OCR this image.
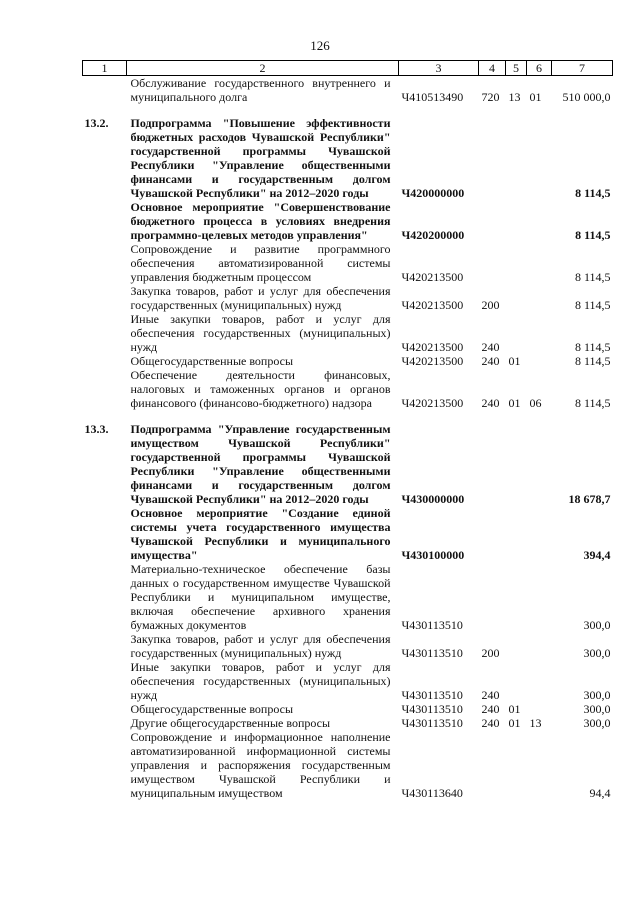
126
1	2	3	4	5	6	7
	Обслуживание государственного внутреннего и муниципального долга	Ч410513490	720	13	01	510 000,0

13.2.	Подпрограмма "Повышение эффективности бюджетных расходов Чувашской Республики" государственной программы Чувашской Республики "Управление общественными финансами и государственным долгом Чувашской Республики" на 2012–2020 годы	Ч420000000				8 114,5
	Основное мероприятие "Совершенствование бюджетного процесса в условиях внедрения программно-целевых методов управления"	Ч420200000				8 114,5
	Сопровождение и развитие программного обеспечения автоматизированной системы управления бюджетным процессом	Ч420213500				8 114,5
	Закупка товаров, работ и услуг для обеспечения государственных (муниципальных) нужд	Ч420213500	200			8 114,5
	Иные закупки товаров, работ и услуг для обеспечения государственных (муниципальных) нужд	Ч420213500	240			8 114,5
	Общегосударственные вопросы	Ч420213500	240	01		8 114,5
	Обеспечение деятельности финансовых, налоговых и таможенных органов и органов финансового (финансово-бюджетного) надзора	Ч420213500	240	01	06	8 114,5

13.3.	Подпрограмма "Управление государственным имуществом Чувашской Республики" государственной программы Чувашской Республики "Управление общественными финансами и государственным долгом Чувашской Республики" на 2012–2020 годы	Ч430000000				18 678,7
	Основное мероприятие "Создание единой системы учета государственного имущества Чувашской Республики и муниципального имущества"	Ч430100000				394,4
	Материально-техническое обеспечение базы данных о государственном имуществе Чувашской Республики и муниципальном имуществе, включая обеспечение архивного хранения бумажных документов	Ч430113510				300,0
	Закупка товаров, работ и услуг для обеспечения государственных (муниципальных) нужд	Ч430113510	200			300,0
	Иные закупки товаров, работ и услуг для обеспечения государственных (муниципальных) нужд	Ч430113510	240			300,0
	Общегосударственные вопросы	Ч430113510	240	01		300,0
	Другие общегосударственные вопросы	Ч430113510	240	01	13	300,0
	Сопровождение и информационное наполнение автоматизированной информационной системы управления и распоряжения государственным имуществом Чувашской Республики и муниципальным имуществом	Ч430113640				94,4
